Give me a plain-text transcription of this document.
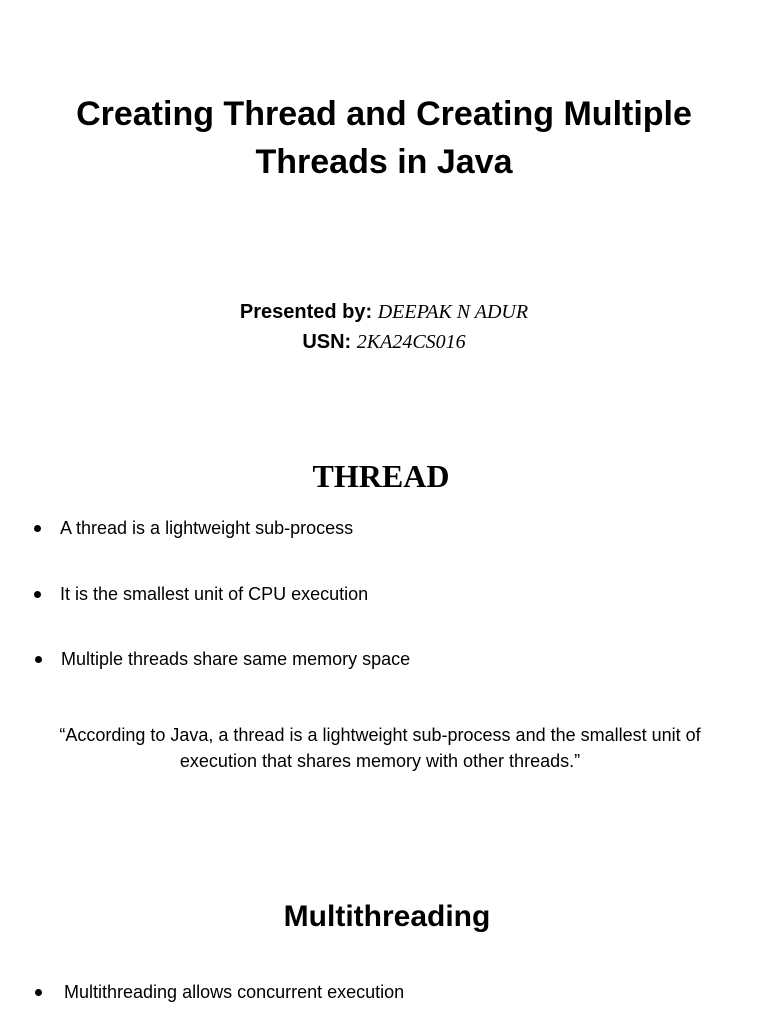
Creating Thread and Creating Multiple Threads in Java
Presented by: DEEPAK N ADUR
USN: 2KA24CS016
THREAD
A thread is a lightweight sub-process
It is the smallest unit of CPU execution
Multiple threads share same memory space
“According to Java, a thread is a lightweight sub-process and the smallest unit of execution that shares memory with other threads.”
Multithreading
Multithreading allows concurrent execution
